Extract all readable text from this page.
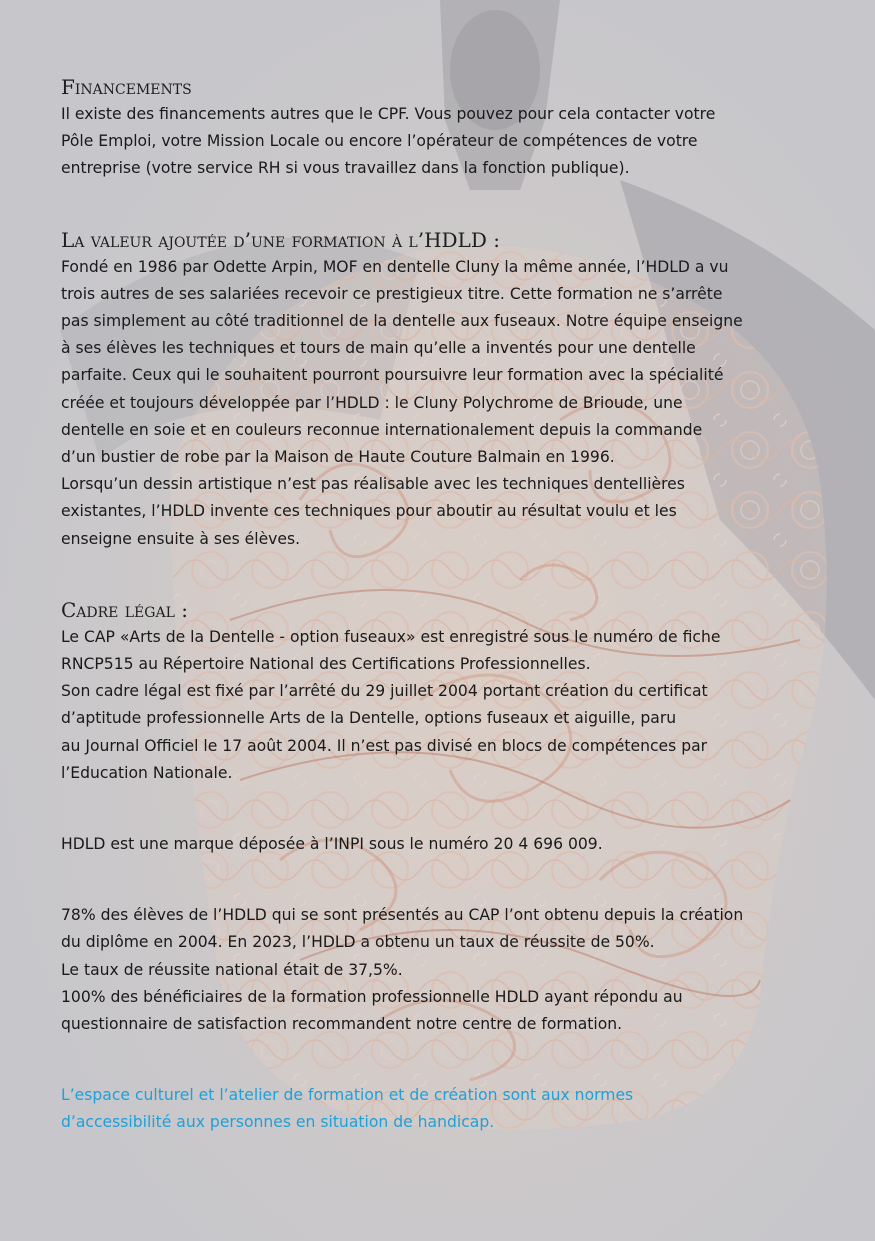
Financements

Il existe des financements autres que le CPF. Vous pouvez pour cela contacter votre
Pôle Emploi, votre Mission Locale ou encore l’opérateur de compétences de votre
entreprise (votre service RH si vous travaillez dans la fonction publique).

La valeur ajoutée d’une formation à l’HDLD :

Fondé en 1986 par Odette Arpin, MOF en dentelle Cluny la même année, l’HDLD a vu
trois autres de ses salariées recevoir ce prestigieux titre. Cette formation ne s’arrête
pas simplement au côté traditionnel de la dentelle aux fuseaux. Notre équipe enseigne
à ses élèves les techniques et tours de main qu’elle a inventés pour une dentelle
parfaite. Ceux qui le souhaitent pourront poursuivre leur formation avec la spécialité
créée et toujours développée par l’HDLD : le Cluny Polychrome de Brioude, une
dentelle en soie et en couleurs reconnue internationalement depuis la commande
d’un bustier de robe par la Maison de Haute Couture Balmain en 1996.
Lorsqu’un dessin artistique n’est pas réalisable avec les techniques dentellières
existantes, l’HDLD invente ces techniques pour aboutir au résultat voulu et les
enseigne ensuite à ses élèves.

Cadre légal :

Le CAP «Arts de la Dentelle - option fuseaux» est enregistré sous le numéro de fiche
RNCP515 au Répertoire National des Certifications Professionnelles.
Son cadre légal est fixé par l’arrêté du 29 juillet 2004 portant création du certificat
d’aptitude professionnelle Arts de la Dentelle, options fuseaux et aiguille, paru
au Journal Officiel le 17 août 2004. Il n’est pas divisé en blocs de compétences par
l’Education Nationale.

HDLD est une marque déposée à l’INPI sous le numéro 20 4 696 009.

78% des élèves de l’HDLD qui se sont présentés au CAP l’ont obtenu depuis la création
du diplôme en 2004. En 2023, l’HDLD a obtenu un taux de réussite de 50%.
Le taux de réussite national était de 37,5%.
100% des bénéficiaires de la formation professionnelle HDLD ayant répondu au
questionnaire de satisfaction recommandent notre centre de formation.

L’espace culturel et l’atelier de formation et de création sont aux normes
d’accessibilité aux personnes en situation de handicap.
